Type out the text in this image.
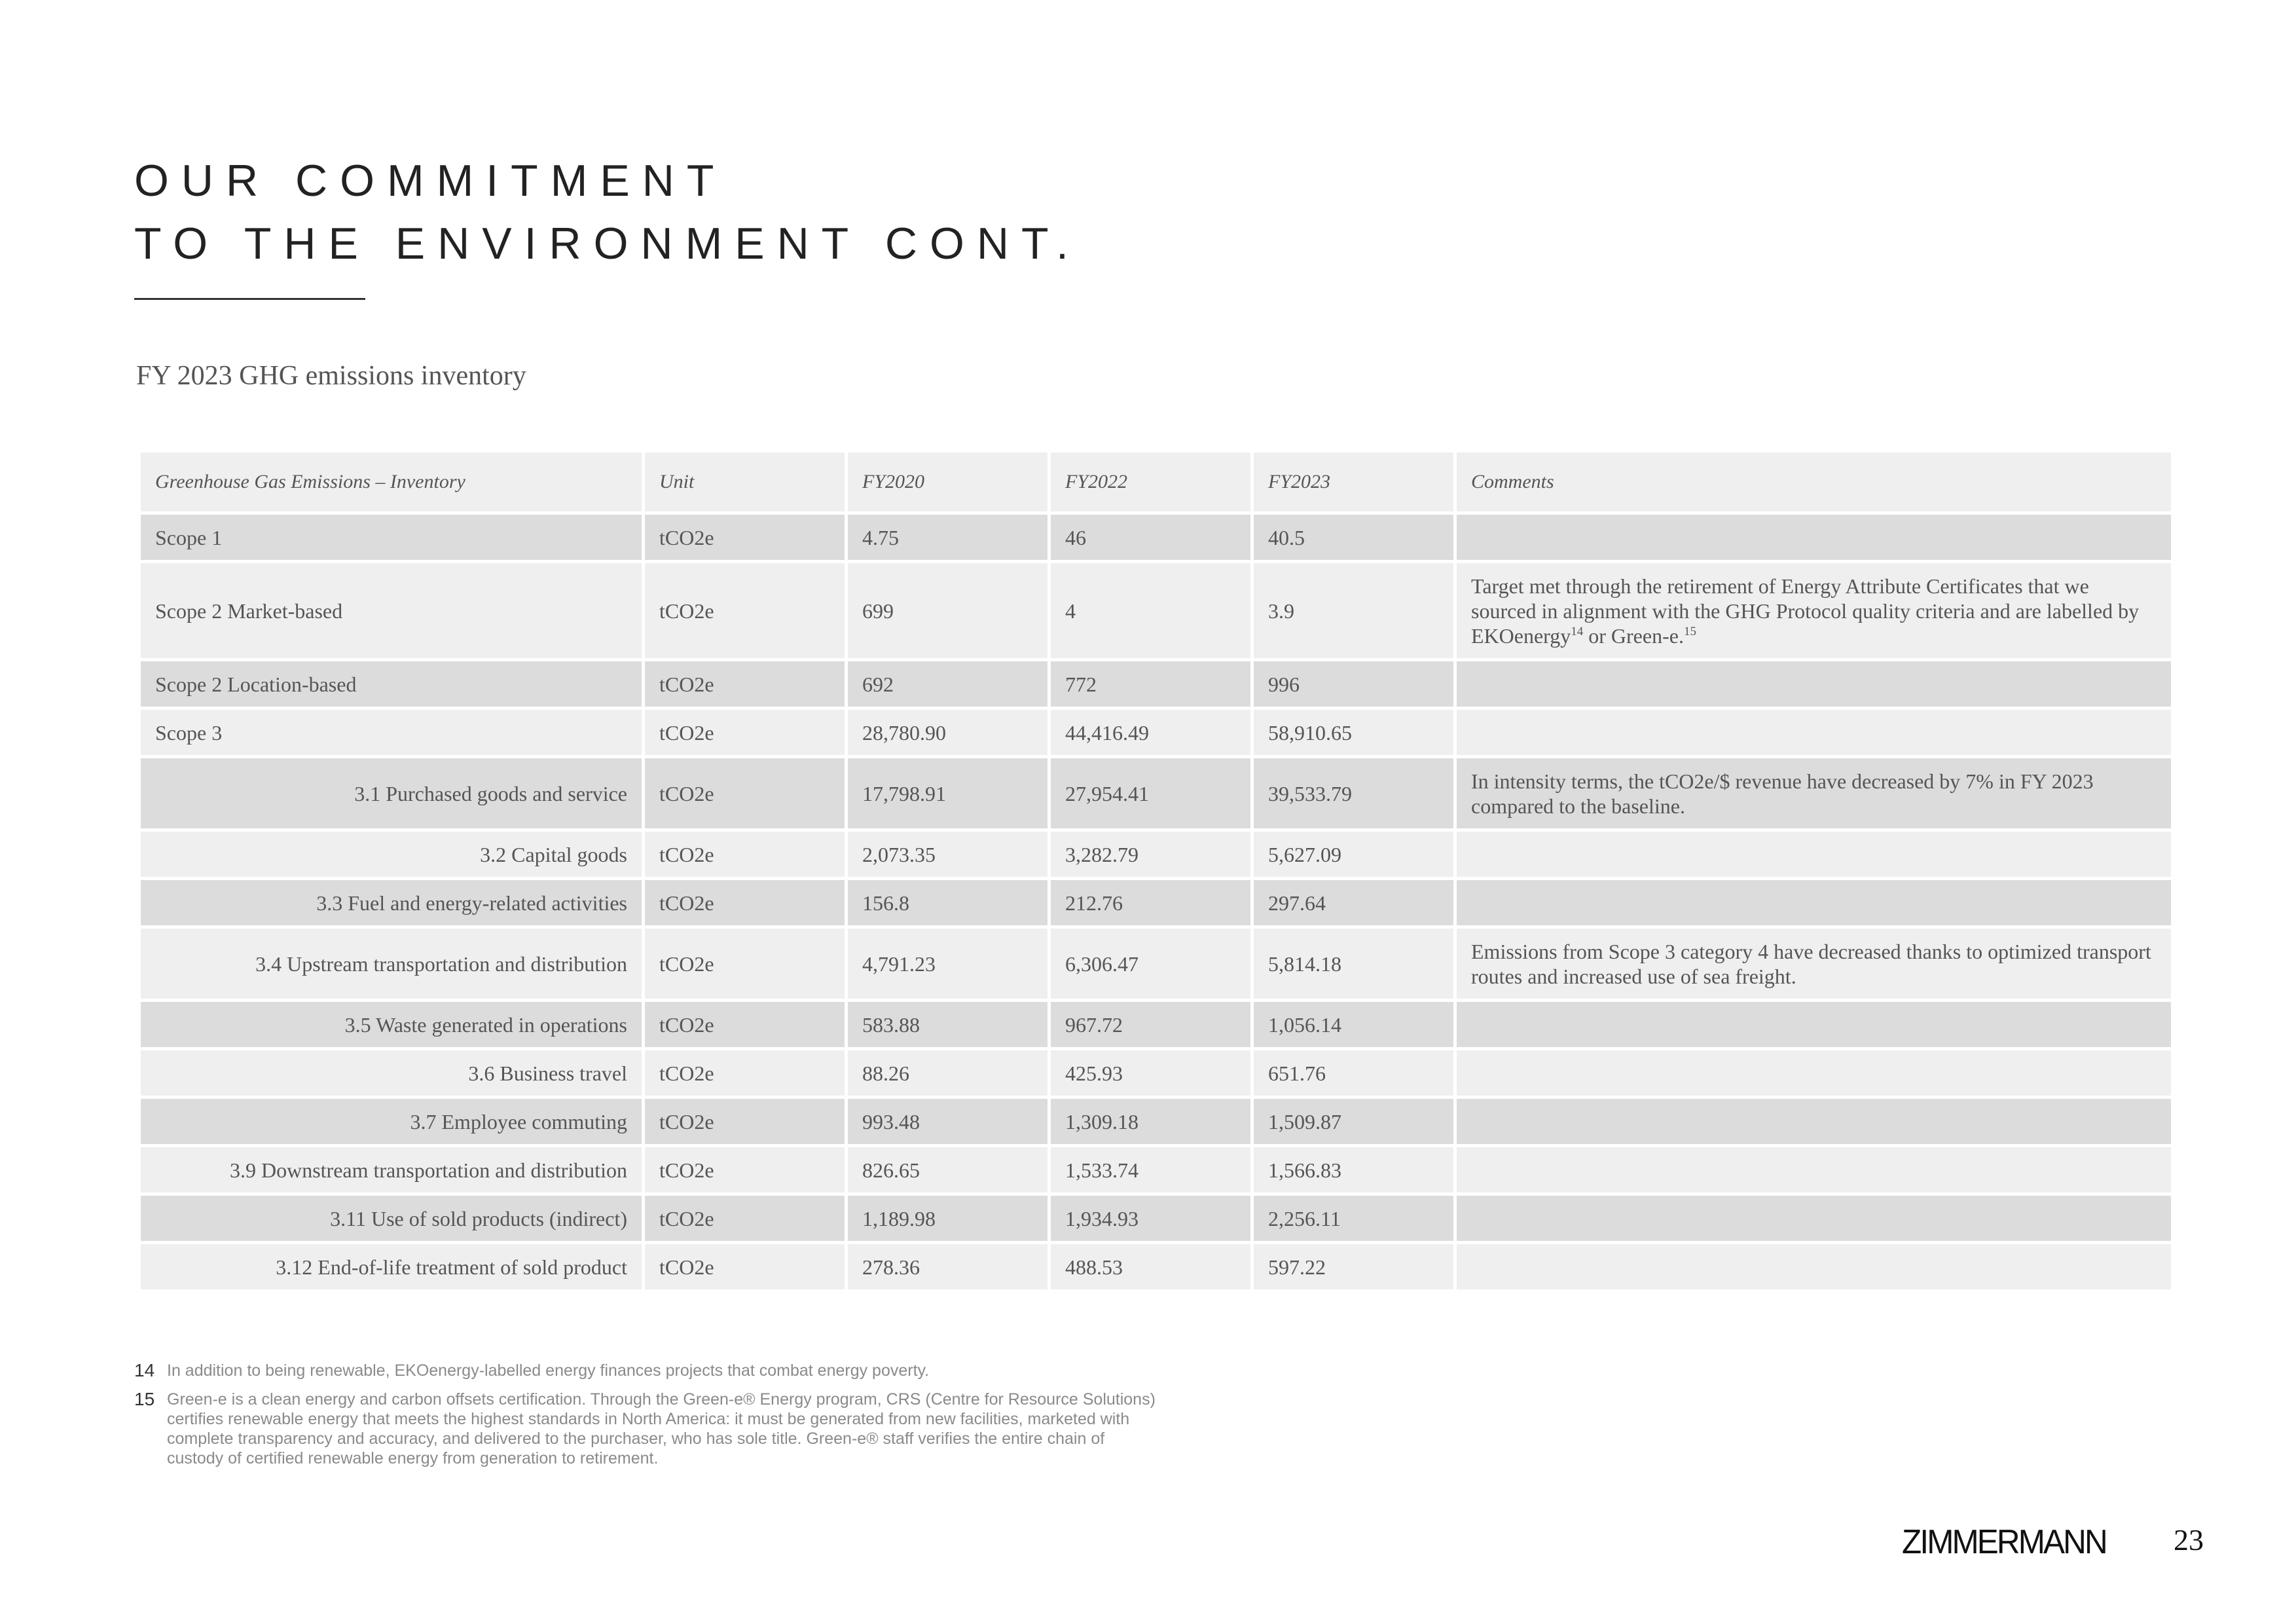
OUR COMMITMENT
TO THE ENVIRONMENT CONT.
FY 2023 GHG emissions inventory
Greenhouse Gas Emissions – Inventory	Unit	FY2020	FY2022	FY2023	Comments
Scope 1	tCO2e	4.75	46	40.5	
Scope 2 Market-based	tCO2e	699	4	3.9	Target met through the retirement of Energy Attribute Certificates that we sourced in alignment with the GHG Protocol quality criteria and are labelled by EKOenergy$^{14}$ or Green-e.$^{15}$
Scope 2 Location-based	tCO2e	692	772	996	
Scope 3	tCO2e	28,780.90	44,416.49	58,910.65	
3.1 Purchased goods and service	tCO2e	17,798.91	27,954.41	39,533.79	In intensity terms, the tCO2e/$ revenue have decreased by 7% in FY 2023 compared to the baseline.
3.2 Capital goods	tCO2e	2,073.35	3,282.79	5,627.09	
3.3 Fuel and energy-related activities	tCO2e	156.8	212.76	297.64	
3.4 Upstream transportation and distribution	tCO2e	4,791.23	6,306.47	5,814.18	Emissions from Scope 3 category 4 have decreased thanks to optimized transport routes and increased use of sea freight.
3.5 Waste generated in operations	tCO2e	583.88	967.72	1,056.14	
3.6 Business travel	tCO2e	88.26	425.93	651.76	
3.7 Employee commuting	tCO2e	993.48	1,309.18	1,509.87	
3.9 Downstream transportation and distribution	tCO2e	826.65	1,533.74	1,566.83	
3.11 Use of sold products (indirect)	tCO2e	1,189.98	1,934.93	2,256.11	
3.12 End-of-life treatment of sold product	tCO2e	278.36	488.53	597.22	
14 In addition to being renewable, EKOenergy-labelled energy finances projects that combat energy poverty.
15 Green-e is a clean energy and carbon offsets certification. Through the Green-e® Energy program, CRS (Centre for Resource Solutions) certifies renewable energy that meets the highest standards in North America: it must be generated from new facilities, marketed with complete transparency and accuracy, and delivered to the purchaser, who has sole title. Green-e® staff verifies the entire chain of custody of certified renewable energy from generation to retirement.
ZIMMERMANN 23
